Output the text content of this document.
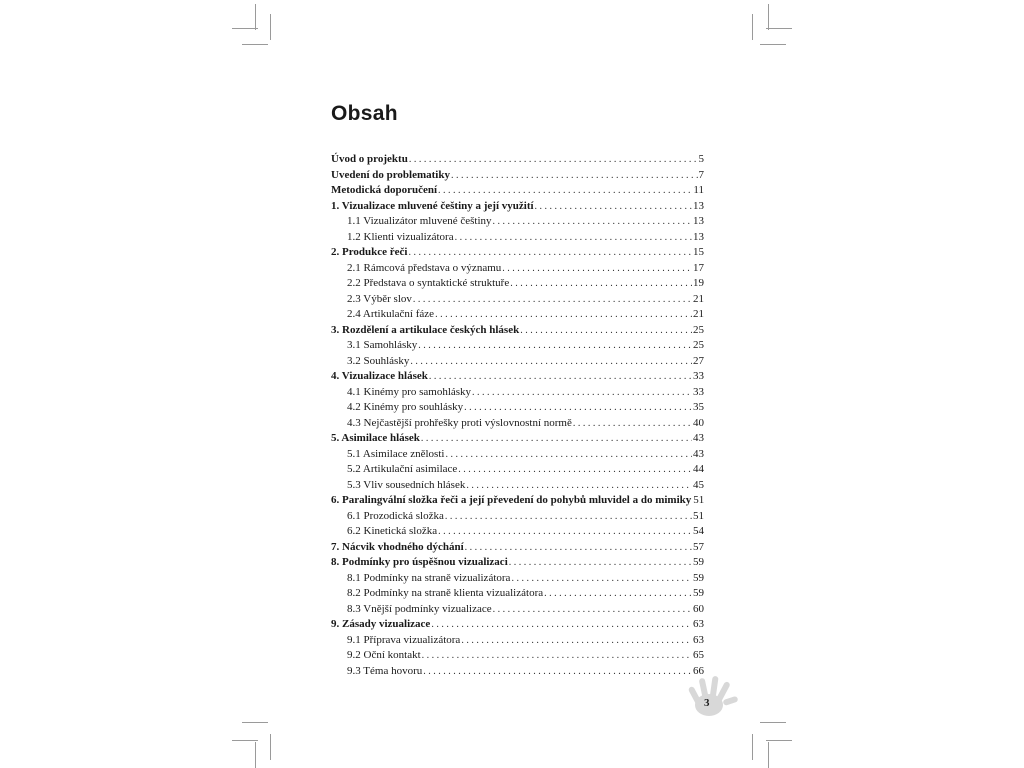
Obsah
Úvod o projektu . . .	5
Uvedení do problematiky . . .	7
Metodická doporučení . . .	11
1. Vizualizace mluvené češtiny a její využití . . .	13
1.1 Vizualizátor mluvené češtiny . . .	13
1.2 Klienti vizualizátora . . .	13
2. Produkce řeči . . .	15
2.1 Rámcová představa o významu . . .	17
2.2 Představa o syntaktické struktuře . . .	19
2.3 Výběr slov . . .	21
2.4 Artikulační fáze . . .	21
3. Rozdělení a artikulace českých hlásek . . .	25
3.1 Samohlásky . . .	25
3.2 Souhlásky . . .	27
4. Vizualizace hlásek . . .	33
4.1 Kinémy pro samohlásky . . .	33
4.2 Kinémy pro souhlásky . . .	35
4.3 Nejčastější prohřešky proti výslovnostní normě . . .	40
5. Asimilace hlásek . . .	43
5.1 Asimilace znělosti . . .	43
5.2 Artikulační asimilace . . .	44
5.3 Vliv sousedních hlásek . . .	45
6. Paralingvální složka řeči a její převedení do pohybů mluvidel a do mimiky 51
6.1 Prozodická složka . . .	51
6.2 Kinetická složka . . .	54
7. Nácvik vhodného dýchání . . .	57
8. Podmínky pro úspěšnou vizualizaci . . .	59
8.1 Podmínky na straně vizualizátora . . .	59
8.2 Podmínky na straně klienta vizualizátora . . .	59
8.3 Vnější podmínky vizualizace . . .	60
9. Zásady vizualizace . . .	63
9.1 Příprava vizualizátora . . .	63
9.2 Oční kontakt . . .	65
9.3 Téma hovoru . . .	66
3
